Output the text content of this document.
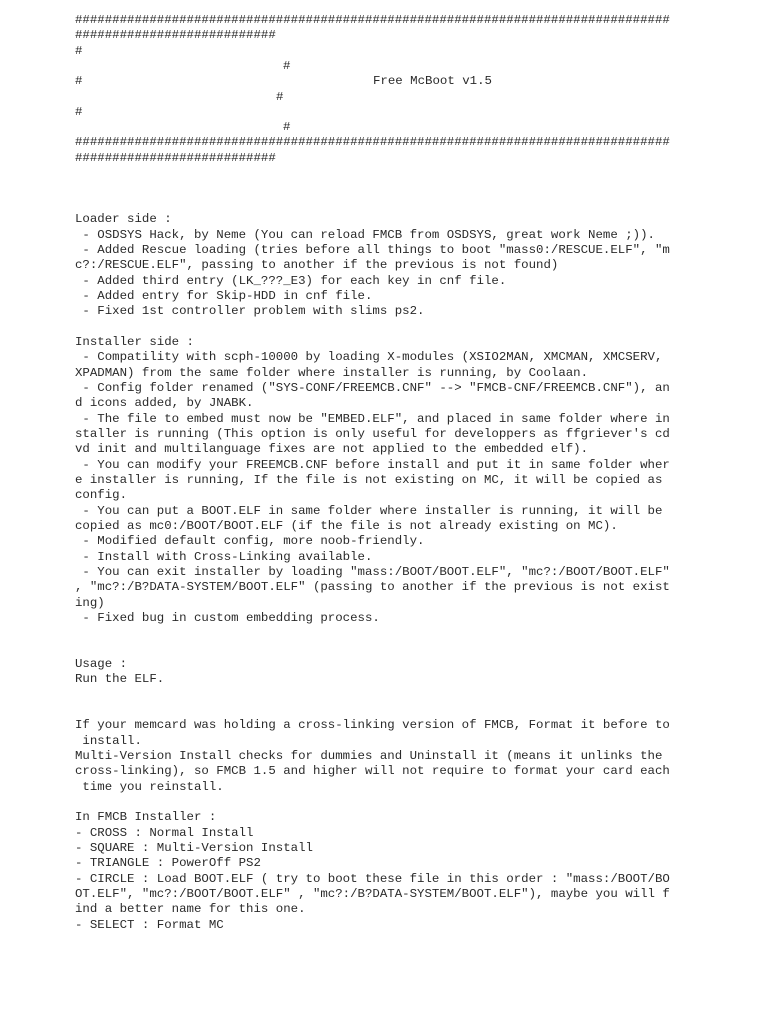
################################################################################
###########################
#
#
#	Free McBoot v1.5
#
#
#
################################################################################
###########################
Loader side :
- OSDSYS Hack, by Neme (You can reload FMCB from OSDSYS, great work Neme ;)).
- Added Rescue loading (tries before all things to boot "mass0:/RESCUE.ELF", "m
c?:/RESCUE.ELF", passing to another if the previous is not found)
- Added third entry (LK_???_E3) for each key in cnf file.
- Added entry for Skip-HDD in cnf file.
- Fixed 1st controller problem with slims ps2.
Installer side :
- Compatility with scph-10000 by loading X-modules (XSIO2MAN, XMCMAN, XMCSERV,
XPADMAN) from the same folder where installer is running, by Coolaan.
- Config folder renamed ("SYS-CONF/FREEMCB.CNF" --> "FMCB-CNF/FREEMCB.CNF"), an
d icons added, by JNABK.
- The file to embed must now be "EMBED.ELF", and placed in same folder where in
staller is running (This option is only useful for developpers as ffgriever's cd
vd init and multilanguage fixes are not applied to the embedded elf).
- You can modify your FREEMCB.CNF before install and put it in same folder wher
e installer is running, If the file is not existing on MC, it will be copied as
config.
- You can put a BOOT.ELF in same folder where installer is running, it will be
copied as mc0:/BOOT/BOOT.ELF (if the file is not already existing on MC).
- Modified default config, more noob-friendly.
- Install with Cross-Linking available.
- You can exit installer by loading "mass:/BOOT/BOOT.ELF", "mc?:/BOOT/BOOT.ELF"
, "mc?:/B?DATA-SYSTEM/BOOT.ELF" (passing to another if the previous is not exist
ing)
- Fixed bug in custom embedding process.
Usage :
Run the ELF.
If your memcard was holding a cross-linking version of FMCB, Format it before to
install.
Multi-Version Install checks for dummies and Uninstall it (means it unlinks the
cross-linking), so FMCB 1.5 and higher will not require to format your card each
time you reinstall.
In FMCB Installer :
- CROSS : Normal Install
- SQUARE : Multi-Version Install
- TRIANGLE : PowerOff PS2
- CIRCLE : Load BOOT.ELF ( try to boot these file in this order : "mass:/BOOT/BO
OT.ELF", "mc?:/BOOT/BOOT.ELF" , "mc?:/B?DATA-SYSTEM/BOOT.ELF"), maybe you will f
ind a better name for this one.
- SELECT : Format MC
